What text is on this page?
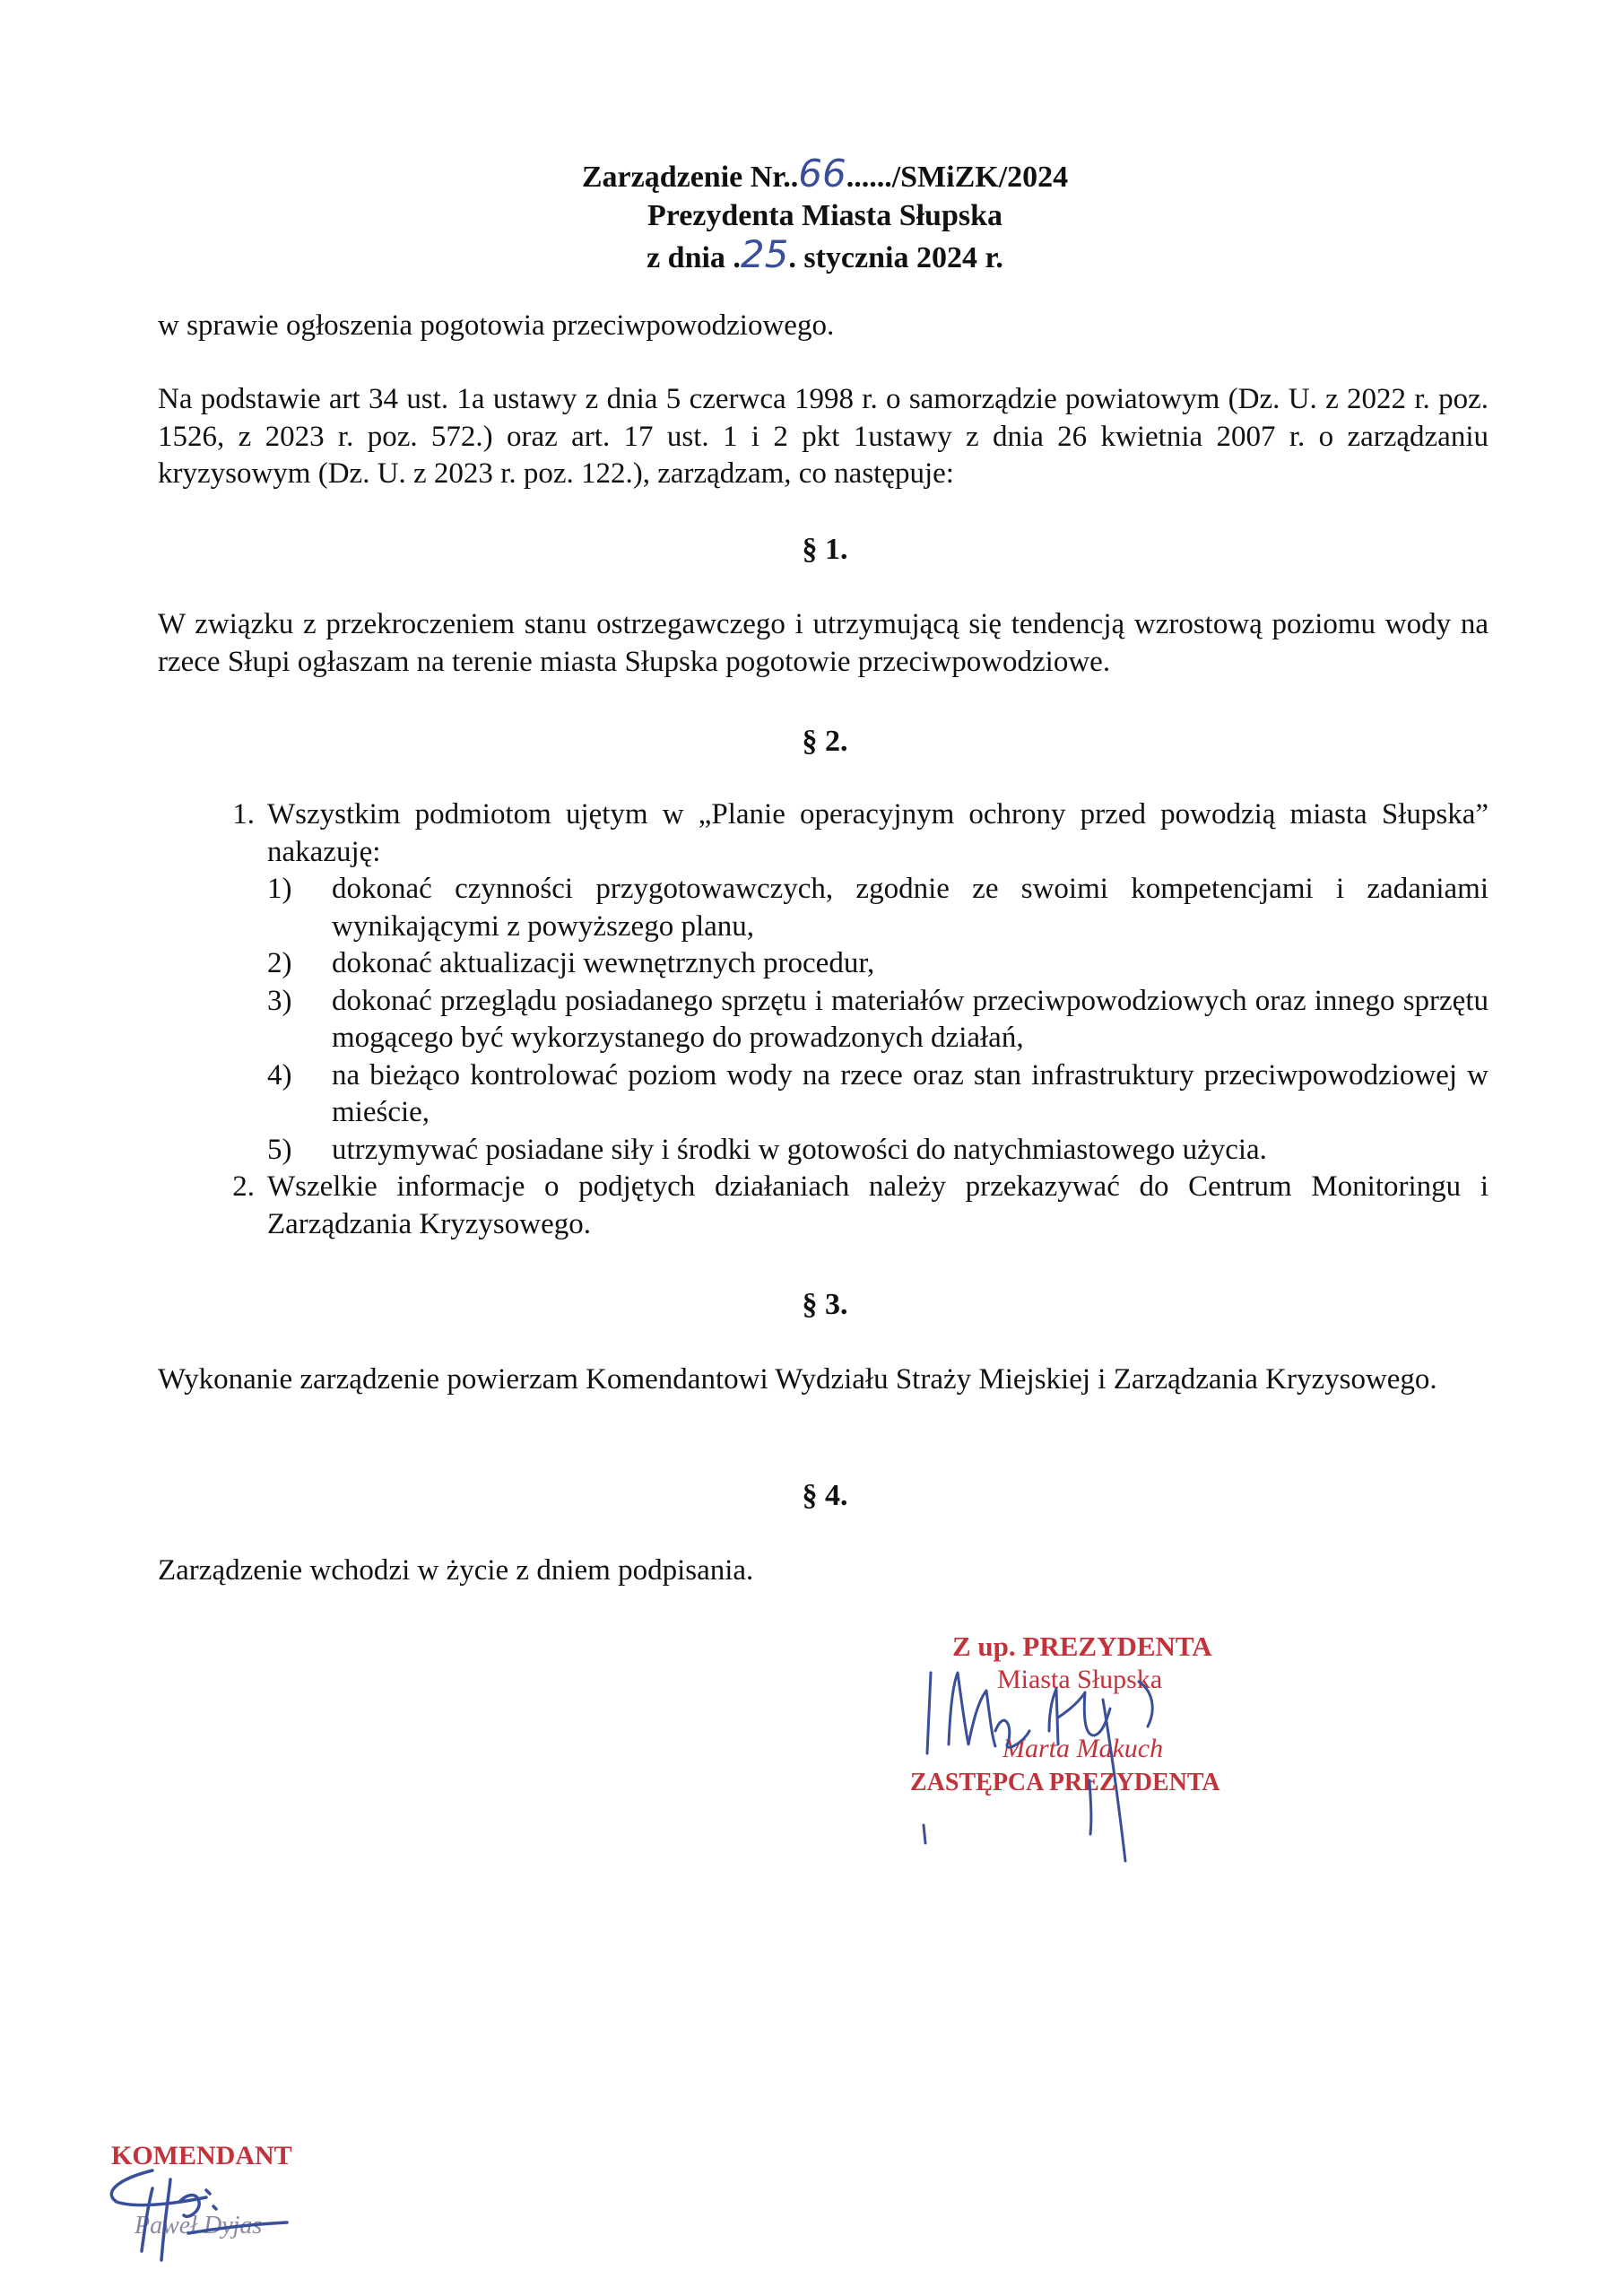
Zarządzenie Nr..66....../SMiZK/2024
Prezydenta Miasta Słupska
z dnia .25. stycznia 2024 r.
w sprawie ogłoszenia pogotowia przeciwpowodziowego.
Na podstawie art 34 ust. 1a ustawy z dnia 5 czerwca 1998 r. o samorządzie powiatowym (Dz. U. z 2022 r. poz. 1526, z 2023 r. poz. 572.) oraz art. 17 ust. 1 i 2 pkt 1ustawy z dnia 26 kwietnia 2007 r. o zarządzaniu kryzysowym (Dz. U. z 2023 r. poz. 122.), zarządzam, co następuje:
§ 1.
W związku z przekroczeniem stanu ostrzegawczego i utrzymującą się tendencją wzrostową poziomu wody na rzece Słupi ogłaszam na terenie miasta Słupska pogotowie przeciwpowodziowe.
§ 2.
1. Wszystkim podmiotom ujętym w „Planie operacyjnym ochrony przed powodzią miasta Słupska” nakazuję:
1)	dokonać czynności przygotowawczych, zgodnie ze swoimi kompetencjami i zadaniami wynikającymi z powyższego planu,
2)	dokonać aktualizacji wewnętrznych procedur,
3)	dokonać przeglądu posiadanego sprzętu i materiałów przeciwpowodziowych oraz innego sprzętu mogącego być wykorzystanego do prowadzonych działań,
4)	na bieżąco kontrolować poziom wody na rzece oraz stan infrastruktury przeciwpowodziowej w mieście,
5)	utrzymywać posiadane siły i środki w gotowości do natychmiastowego użycia.
2. Wszelkie informacje o podjętych działaniach należy przekazywać do Centrum Monitoringu i Zarządzania Kryzysowego.
§ 3.
Wykonanie zarządzenie powierzam Komendantowi Wydziału Straży Miejskiej i Zarządzania Kryzysowego.
§ 4.
Zarządzenie wchodzi w życie z dniem podpisania.
Z up. PREZYDENTA
Miasta Słupska
Marta Makuch
ZASTĘPCA PREZYDENTA
KOMENDANT
Paweł Dyjas
